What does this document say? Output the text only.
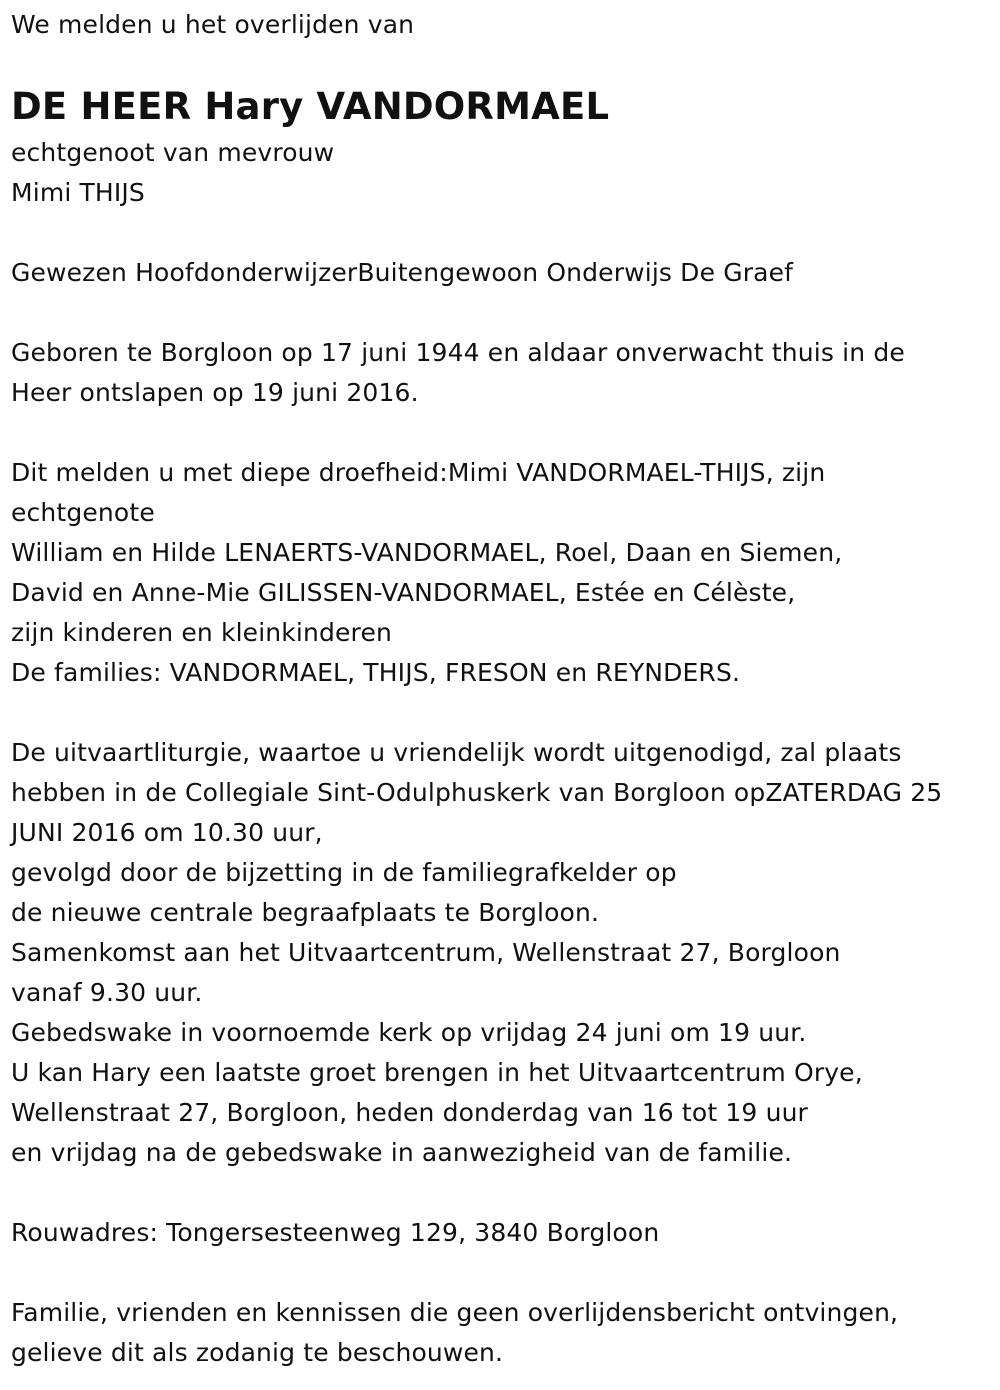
We melden u het overlijden van
DE HEER Hary VANDORMAEL
echtgenoot van mevrouw
Mimi THIJS
Gewezen HoofdonderwijzerBuitengewoon Onderwijs De Graef
Geboren te Borgloon op 17 juni 1944 en aldaar onverwacht thuis in de
Heer ontslapen op 19 juni 2016.
Dit melden u met diepe droefheid:Mimi VANDORMAEL-THIJS, zijn
echtgenote
William en Hilde LENAERTS-VANDORMAEL, Roel, Daan en Siemen,
David en Anne-Mie GILISSEN-VANDORMAEL, Estée en Célèste,
zijn kinderen en kleinkinderen
De families: VANDORMAEL, THIJS, FRESON en REYNDERS.
De uitvaartliturgie, waartoe u vriendelijk wordt uitgenodigd, zal plaats
hebben in de Collegiale Sint-Odulphuskerk van Borgloon opZATERDAG 25
JUNI 2016 om 10.30 uur,
gevolgd door de bijzetting in de familiegrafkelder op
de nieuwe centrale begraafplaats te Borgloon.
Samenkomst aan het Uitvaartcentrum, Wellenstraat 27, Borgloon
vanaf 9.30 uur.
Gebedswake in voornoemde kerk op vrijdag 24 juni om 19 uur.
U kan Hary een laatste groet brengen in het Uitvaartcentrum Orye,
Wellenstraat 27, Borgloon, heden donderdag van 16 tot 19 uur
en vrijdag na de gebedswake in aanwezigheid van de familie.
Rouwadres: Tongersesteenweg 129, 3840 Borgloon
Familie, vrienden en kennissen die geen overlijdensbericht ontvingen,
gelieve dit als zodanig te beschouwen.
